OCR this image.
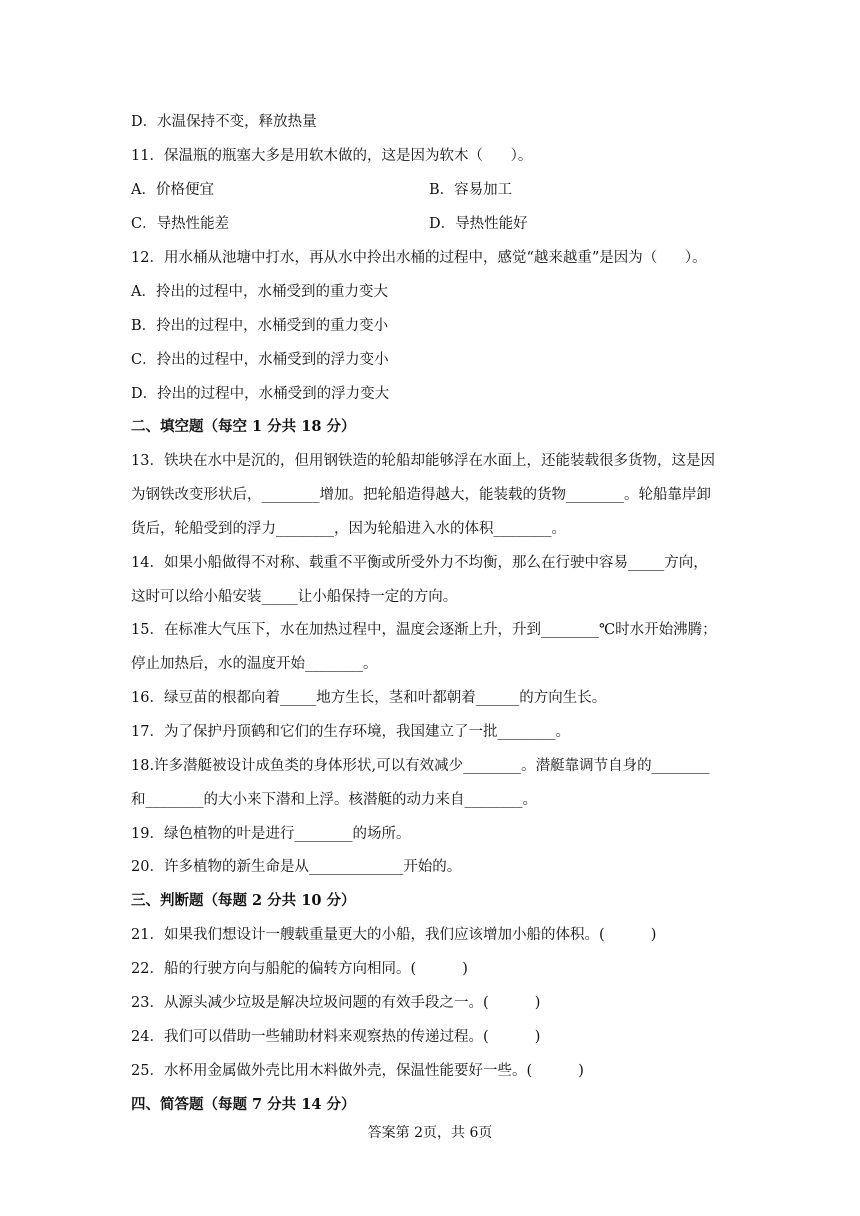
D．水温保持不变，释放热量
11．保温瓶的瓶塞大多是用软木做的，这是因为软木（      ）。
A．价格便宜	B．容易加工
C．导热性能差	D．导热性能好
12．用水桶从池塘中打水，再从水中拎出水桶的过程中，感觉“越来越重”是因为（      ）。
A．拎出的过程中，水桶受到的重力变大
B．拎出的过程中，水桶受到的重力变小
C．拎出的过程中，水桶受到的浮力变小
D．拎出的过程中，水桶受到的浮力变大
二、填空题（每空 1 分共 18 分）
13．铁块在水中是沉的，但用钢铁造的轮船却能够浮在水面上，还能装载很多货物，这是因
为钢铁改变形状后，________增加。把轮船造得越大，能装载的货物________。轮船靠岸卸
货后，轮船受到的浮力________，因为轮船进入水的体积________。
14．如果小船做得不对称、载重不平衡或所受外力不均衡，那么在行驶中容易_____方向，
这时可以给小船安装_____让小船保持一定的方向。
15．在标准大气压下，水在加热过程中，温度会逐渐上升，升到________℃时水开始沸腾；
停止加热后，水的温度开始________。
16．绿豆苗的根都向着_____地方生长，茎和叶都朝着______的方向生长。
17．为了保护丹顶鹤和它们的生存环境，我国建立了一批________。
18.许多潜艇被设计成鱼类的身体形状,可以有效减少________。潜艇靠调节自身的________
和________的大小来下潜和上浮。核潜艇的动力来自________。
19．绿色植物的叶是进行________的场所。
20．许多植物的新生命是从_____________开始的。
三、判断题（每题 2 分共 10 分）
21．如果我们想设计一艘载重量更大的小船，我们应该增加小船的体积。(          )
22．船的行驶方向与船舵的偏转方向相同。(          )
23．从源头减少垃圾是解决垃圾问题的有效手段之一。(          )
24．我们可以借助一些辅助材料来观察热的传递过程。(          )
25．水杯用金属做外壳比用木料做外壳，保温性能要好一些。(          )
四、简答题（每题 7 分共 14 分）
答案第 2页，共 6页
